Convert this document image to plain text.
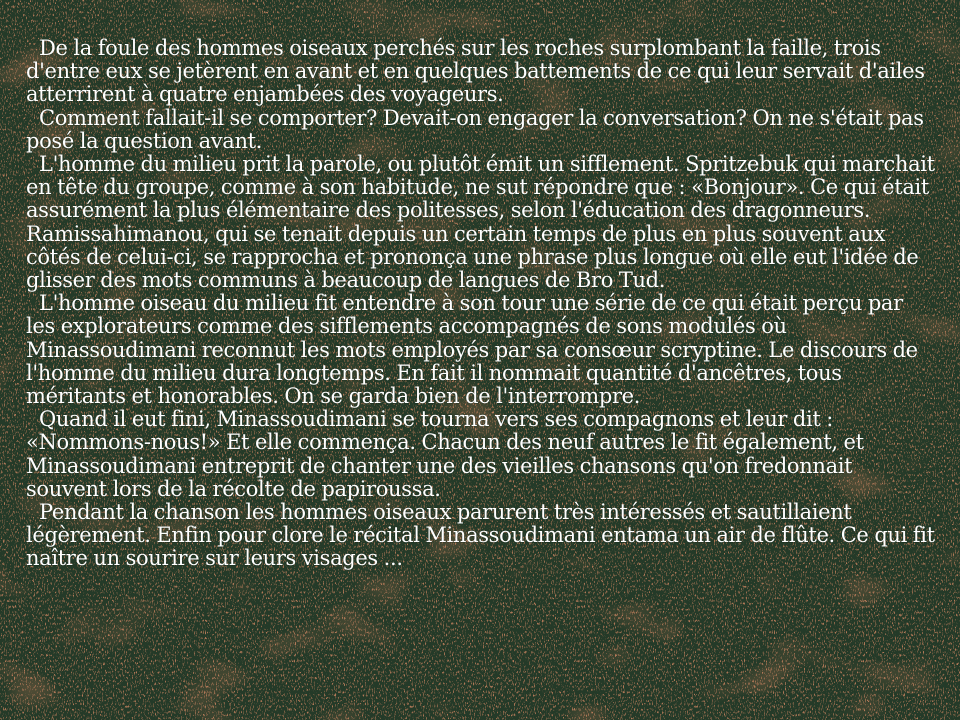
De la foule des hommes oiseaux perchés sur les roches surplombant la faille, trois d'entre eux se jetèrent en avant et en quelques battements de ce qui leur servait d'ailes atterrirent à quatre enjambées des voyageurs.

Comment fallait-il se comporter? Devait-on engager la conversation? On ne s'était pas posé la question avant.

L'homme du milieu prit la parole, ou plutôt émit un sifflement. Spritzebuk qui marchait en tête du groupe, comme à son habitude, ne sut répondre que : «Bonjour». Ce qui était assurément la plus élémentaire des politesses, selon l'éducation des dragonneurs. Ramissahimanou, qui se tenait depuis un certain temps de plus en plus souvent aux côtés de celui-ci, se rapprocha et prononça une phrase plus longue où elle eut l'idée de glisser des mots communs à beaucoup de langues de Bro Tud.

L'homme oiseau du milieu fit entendre à son tour une série de ce qui était perçu par les explorateurs comme des sifflements accompagnés de sons modulés où Minassoudimani reconnut les mots employés par sa consœur scryptine. Le discours de l'homme du milieu dura longtemps. En fait il nommait quantité d'ancêtres, tous méritants et honorables. On se garda bien de l'interrompre.

Quand il eut fini, Minassoudimani se tourna vers ses compagnons et leur dit : «Nommons-nous!» Et elle commença. Chacun des neuf autres le fit également, et Minassoudimani entreprit de chanter une des vieilles chansons qu'on fredonnait souvent lors de la récolte de papiroussa.

Pendant la chanson les hommes oiseaux parurent très intéressés et sautillaient légèrement. Enfin pour clore le récital Minassoudimani entama un air de flûte. Ce qui fit naître un sourire sur leurs visages ...
